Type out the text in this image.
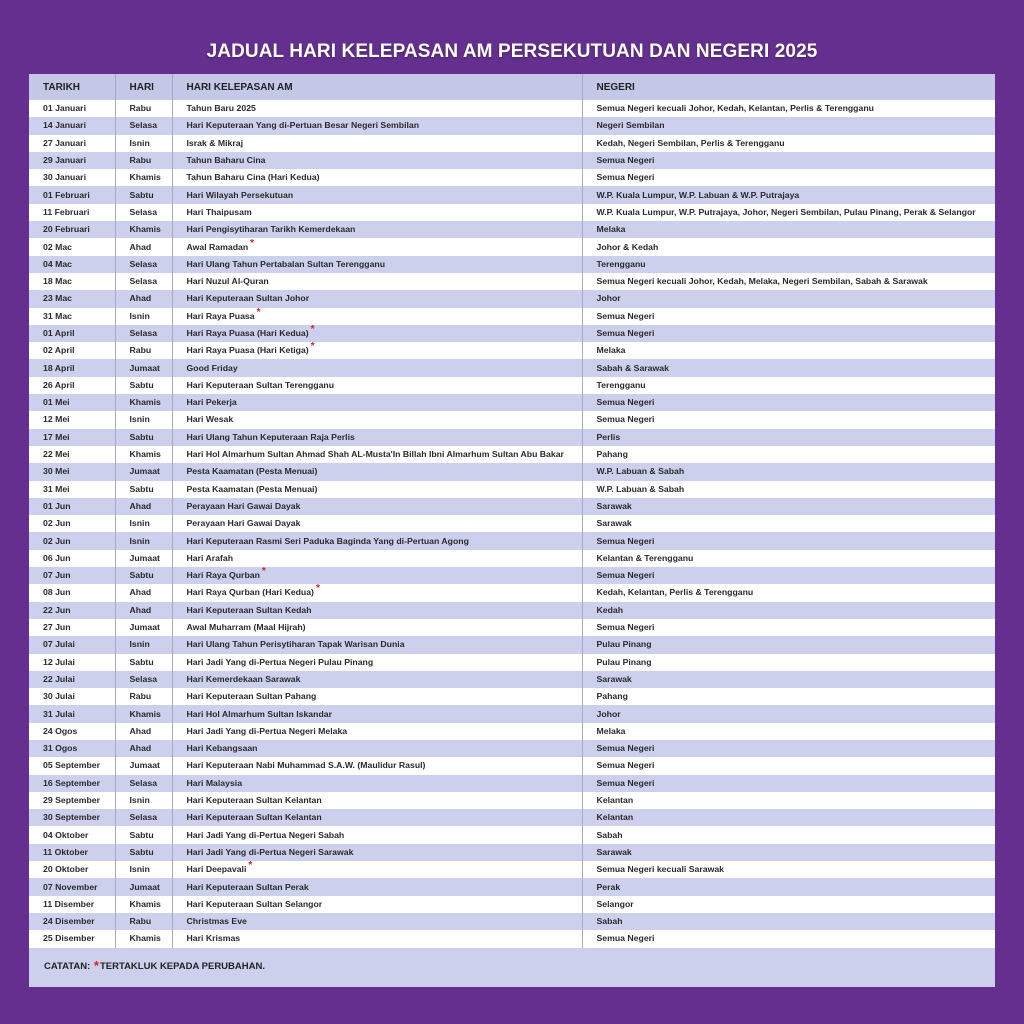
JADUAL HARI KELEPASAN AM PERSEKUTUAN DAN NEGERI 2025
TARIKH	HARI	HARI KELEPASAN AM	NEGERI
01 Januari	Rabu	Tahun Baru 2025	Semua Negeri kecuali Johor, Kedah, Kelantan, Perlis & Terengganu
14 Januari	Selasa	Hari Keputeraan Yang di-Pertuan Besar Negeri Sembilan	Negeri Sembilan
27 Januari	Isnin	Israk & Mikraj	Kedah, Negeri Sembilan, Perlis & Terengganu
29 Januari	Rabu	Tahun Baharu Cina	Semua Negeri
30 Januari	Khamis	Tahun Baharu Cina (Hari Kedua)	Semua Negeri
01 Februari	Sabtu	Hari Wilayah Persekutuan	W.P. Kuala Lumpur, W.P. Labuan & W.P. Putrajaya
11 Februari	Selasa	Hari Thaipusam	W.P. Kuala Lumpur, W.P. Putrajaya, Johor, Negeri Sembilan, Pulau Pinang, Perak & Selangor
20 Februari	Khamis	Hari Pengisytiharan Tarikh Kemerdekaan	Melaka
02 Mac	Ahad	Awal Ramadan *	Johor & Kedah
04 Mac	Selasa	Hari Ulang Tahun Pertabalan Sultan Terengganu	Terengganu
18 Mac	Selasa	Hari Nuzul Al-Quran	Semua Negeri kecuali Johor, Kedah, Melaka, Negeri Sembilan, Sabah & Sarawak
23 Mac	Ahad	Hari Keputeraan Sultan Johor	Johor
31 Mac	Isnin	Hari Raya Puasa *	Semua Negeri
01 April	Selasa	Hari Raya Puasa (Hari Kedua) *	Semua Negeri
02 April	Rabu	Hari Raya Puasa (Hari Ketiga) *	Melaka
18 April	Jumaat	Good Friday	Sabah & Sarawak
26 April	Sabtu	Hari Keputeraan Sultan Terengganu	Terengganu
01 Mei	Khamis	Hari Pekerja	Semua Negeri
12 Mei	Isnin	Hari Wesak	Semua Negeri
17 Mei	Sabtu	Hari Ulang Tahun Keputeraan Raja Perlis	Perlis
22 Mei	Khamis	Hari Hol Almarhum Sultan Ahmad Shah AL-Musta'In Billah Ibni Almarhum Sultan Abu Bakar	Pahang
30 Mei	Jumaat	Pesta Kaamatan (Pesta Menuai)	W.P. Labuan & Sabah
31 Mei	Sabtu	Pesta Kaamatan (Pesta Menuai)	W.P. Labuan & Sabah
01 Jun	Ahad	Perayaan Hari Gawai Dayak	Sarawak
02 Jun	Isnin	Perayaan Hari Gawai Dayak	Sarawak
02 Jun	Isnin	Hari Keputeraan Rasmi Seri Paduka Baginda Yang di-Pertuan Agong	Semua Negeri
06 Jun	Jumaat	Hari Arafah	Kelantan & Terengganu
07 Jun	Sabtu	Hari Raya Qurban *	Semua Negeri
08 Jun	Ahad	Hari Raya Qurban (Hari Kedua) *	Kedah, Kelantan, Perlis & Terengganu
22 Jun	Ahad	Hari Keputeraan Sultan Kedah	Kedah
27 Jun	Jumaat	Awal Muharram (Maal Hijrah)	Semua Negeri
07 Julai	Isnin	Hari Ulang Tahun Perisytiharan Tapak Warisan Dunia	Pulau Pinang
12 Julai	Sabtu	Hari Jadi Yang di-Pertua Negeri Pulau Pinang	Pulau Pinang
22 Julai	Selasa	Hari Kemerdekaan Sarawak	Sarawak
30 Julai	Rabu	Hari Keputeraan Sultan Pahang	Pahang
31 Julai	Khamis	Hari Hol Almarhum Sultan Iskandar	Johor
24 Ogos	Ahad	Hari Jadi Yang di-Pertua Negeri Melaka	Melaka
31 Ogos	Ahad	Hari Kebangsaan	Semua Negeri
05 September	Jumaat	Hari Keputeraan Nabi Muhammad S.A.W. (Maulidur Rasul)	Semua Negeri
16 September	Selasa	Hari Malaysia	Semua Negeri
29 September	Isnin	Hari Keputeraan Sultan Kelantan	Kelantan
30 September	Selasa	Hari Keputeraan Sultan Kelantan	Kelantan
04 Oktober	Sabtu	Hari Jadi Yang di-Pertua Negeri Sabah	Sabah
11 Oktober	Sabtu	Hari Jadi Yang di-Pertua Negeri Sarawak	Sarawak
20 Oktober	Isnin	Hari Deepavali *	Semua Negeri kecuali Sarawak
07 November	Jumaat	Hari Keputeraan Sultan Perak	Perak
11 Disember	Khamis	Hari Keputeraan Sultan Selangor	Selangor
24 Disember	Rabu	Christmas Eve	Sabah
25 Disember	Khamis	Hari Krismas	Semua Negeri
CATATAN: *TERTAKLUK KEPADA PERUBAHAN.
